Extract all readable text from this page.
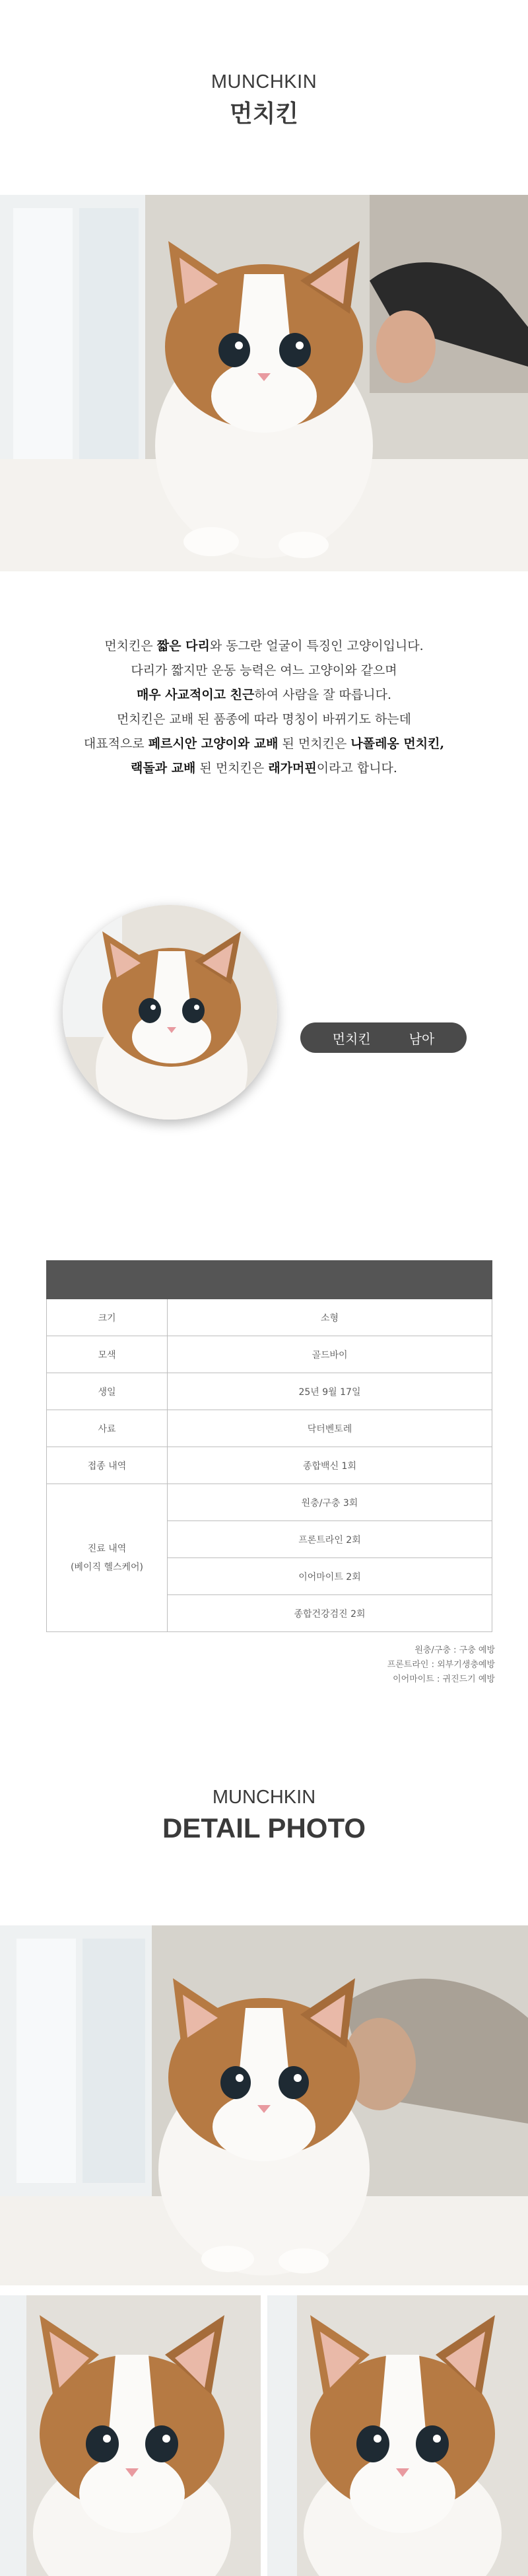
MUNCHKIN
먼치킨
먼치킨은 짧은 다리와 동그란 얼굴이 특징인 고양이입니다.
다리가 짧지만 운동 능력은 여느 고양이와 같으며
매우 사교적이고 친근하여 사람을 잘 따릅니다.
먼치킨은 교배 된 품종에 따라 명칭이 바뀌기도 하는데
대표적으로 페르시안 고양이와 교배 된 먼치킨은 나폴레옹 먼치킨,
랙돌과 교배 된 먼치킨은 래가머핀이라고 합니다.
먼치킨	남아

크기	소형
모색	골드바이
생일	25년 9월 17일
사료	닥터벤토레
접종 내역	종합백신 1회

진료 내역
(베이직 헬스케어)	원충/구충 3회
	프론트라인 2회
	이어마이트 2회
	종합건강검진 2회
원충/구충 : 구충 예방
프론트라인 : 외부기생충예방
이어마이트 : 귀진드기 예방
MUNCHKIN
DETAIL PHOTO
